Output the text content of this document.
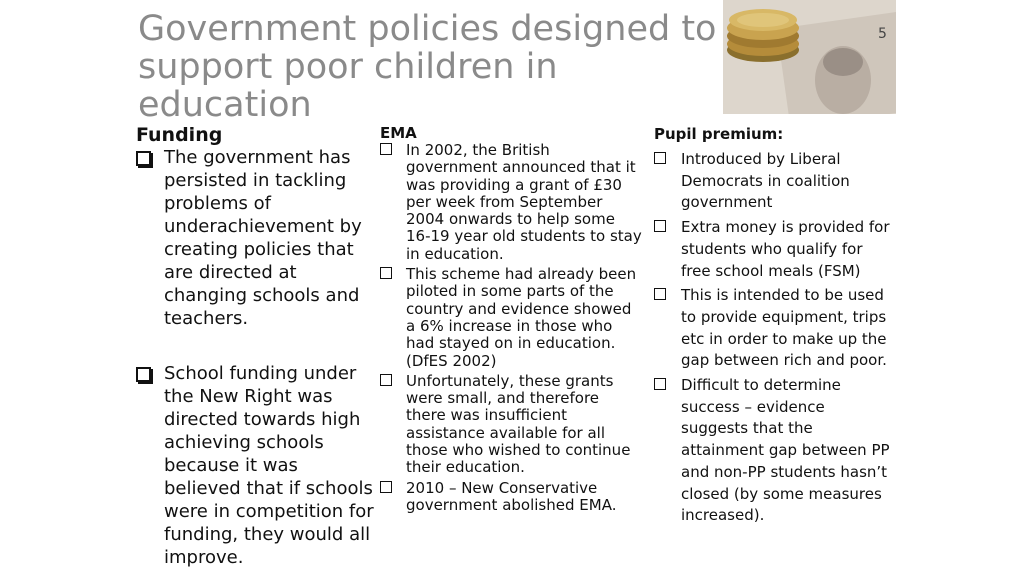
Government policies designed to support poor children in education
5
Funding
The government has persisted in tackling problems of underachievement by creating policies that are directed at changing schools and teachers.
School funding under the New Right was directed towards high achieving schools because it was believed that if schools were in competition for funding, they would all improve.
EMA
In 2002, the British government announced that it was providing a grant of £30 per week from September 2004 onwards to help some 16-19 year old students to stay in education.
This scheme had already been piloted in some parts of the country and evidence showed a 6% increase in those who had stayed on in education. (DfES 2002)
Unfortunately, these grants were small, and therefore there was insufficient assistance available for all those who wished to continue their education.
2010 – New Conservative government abolished EMA.
Pupil premium:
Introduced by Liberal Democrats in coalition government
Extra money is provided for students who qualify for free school meals (FSM)
This is intended to be used to provide equipment, trips etc in order to make up the gap between rich and poor.
Difficult to determine success – evidence suggests that the attainment gap between PP and non-PP students hasn’t closed (by some measures increased).
